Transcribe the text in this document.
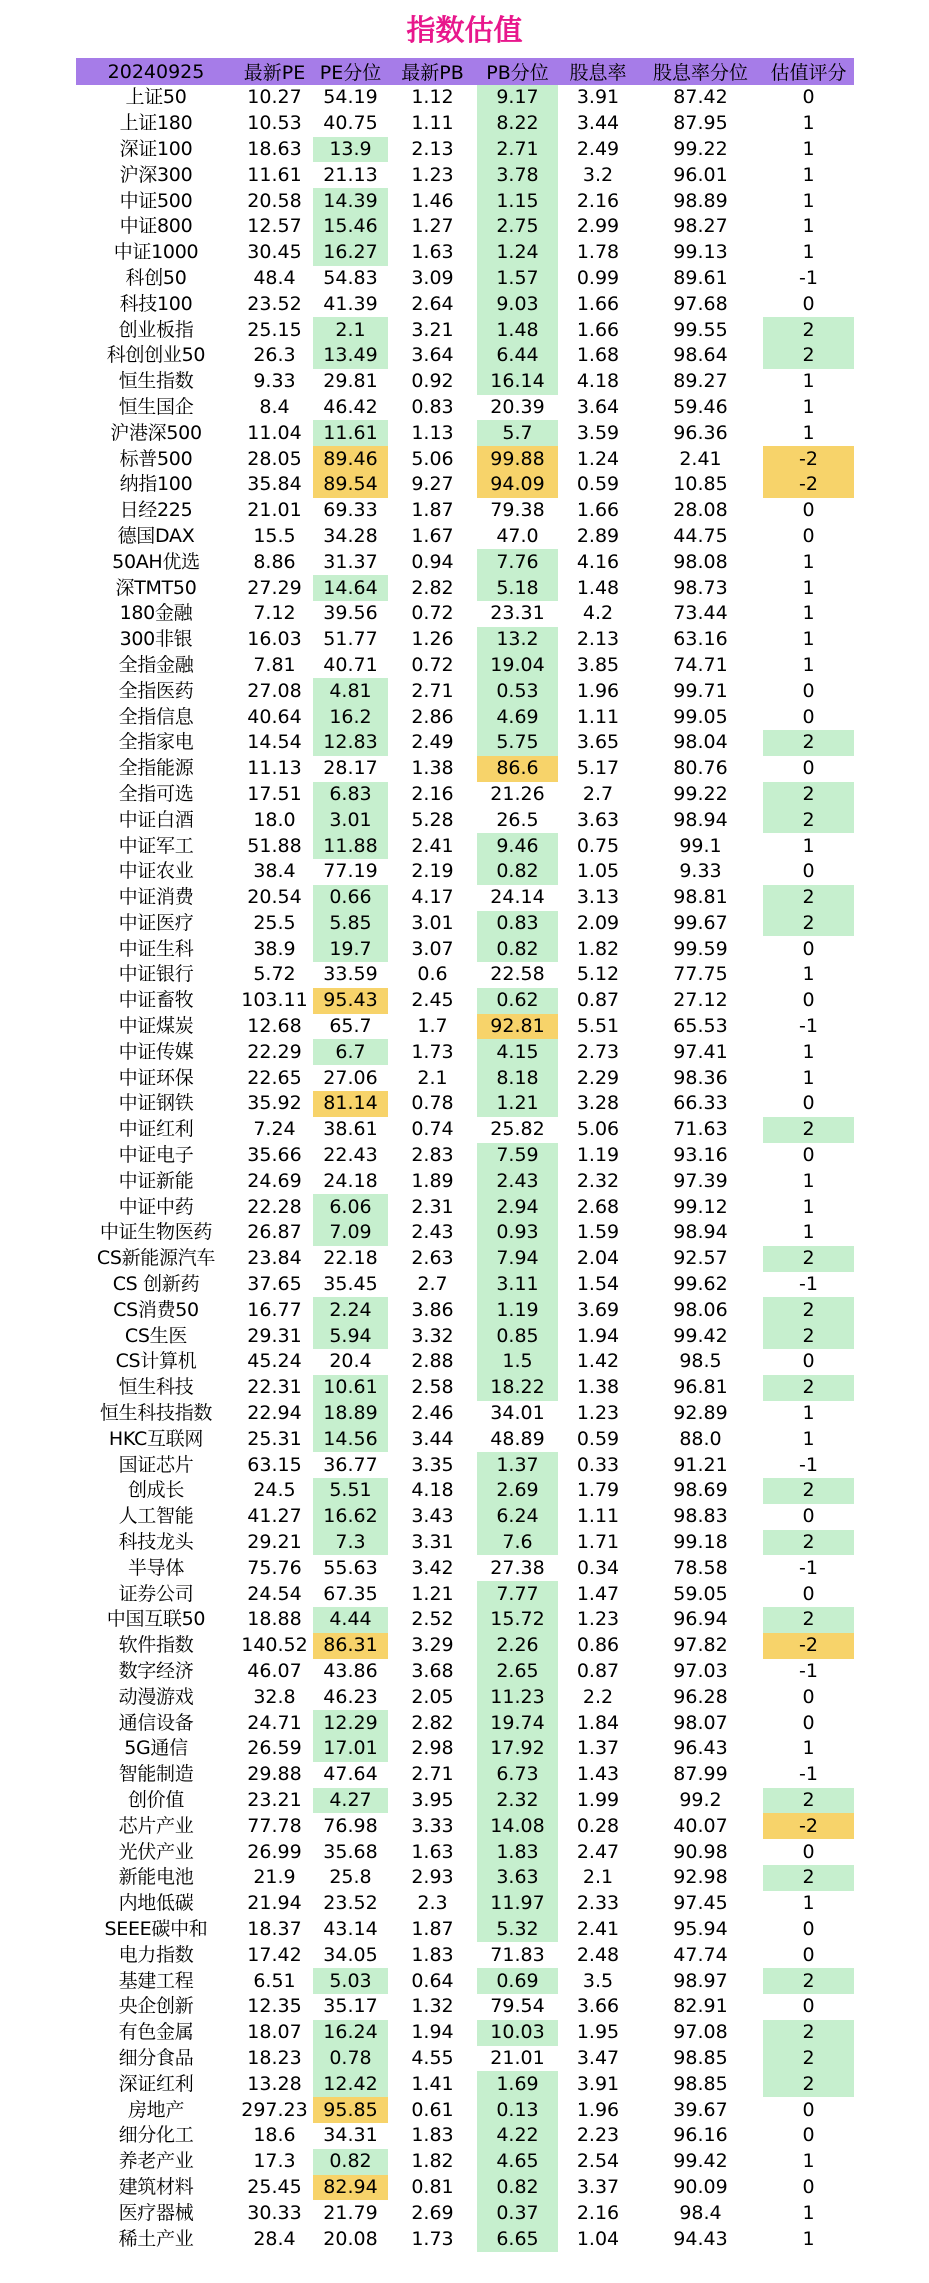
指数估值
20240925	最新PE	PE分位	最新PB	PB分位	股息率	股息率分位	估值评分
上证50	10.27	54.19	1.12	9.17	3.91	87.42	0
上证180	10.53	40.75	1.11	8.22	3.44	87.95	1
深证100	18.63	13.9	2.13	2.71	2.49	99.22	1
沪深300	11.61	21.13	1.23	3.78	3.2	96.01	1
中证500	20.58	14.39	1.46	1.15	2.16	98.89	1
中证800	12.57	15.46	1.27	2.75	2.99	98.27	1
中证1000	30.45	16.27	1.63	1.24	1.78	99.13	1
科创50	48.4	54.83	3.09	1.57	0.99	89.61	-1
科技100	23.52	41.39	2.64	9.03	1.66	97.68	0
创业板指	25.15	2.1	3.21	1.48	1.66	99.55	2
科创创业50	26.3	13.49	3.64	6.44	1.68	98.64	2
恒生指数	9.33	29.81	0.92	16.14	4.18	89.27	1
恒生国企	8.4	46.42	0.83	20.39	3.64	59.46	1
沪港深500	11.04	11.61	1.13	5.7	3.59	96.36	1
标普500	28.05	89.46	5.06	99.88	1.24	2.41	-2
纳指100	35.84	89.54	9.27	94.09	0.59	10.85	-2
日经225	21.01	69.33	1.87	79.38	1.66	28.08	0
德国DAX	15.5	34.28	1.67	47.0	2.89	44.75	0
50AH优选	8.86	31.37	0.94	7.76	4.16	98.08	1
深TMT50	27.29	14.64	2.82	5.18	1.48	98.73	1
180金融	7.12	39.56	0.72	23.31	4.2	73.44	1
300非银	16.03	51.77	1.26	13.2	2.13	63.16	1
全指金融	7.81	40.71	0.72	19.04	3.85	74.71	1
全指医药	27.08	4.81	2.71	0.53	1.96	99.71	0
全指信息	40.64	16.2	2.86	4.69	1.11	99.05	0
全指家电	14.54	12.83	2.49	5.75	3.65	98.04	2
全指能源	11.13	28.17	1.38	86.6	5.17	80.76	0
全指可选	17.51	6.83	2.16	21.26	2.7	99.22	2
中证白酒	18.0	3.01	5.28	26.5	3.63	98.94	2
中证军工	51.88	11.88	2.41	9.46	0.75	99.1	1
中证农业	38.4	77.19	2.19	0.82	1.05	9.33	0
中证消费	20.54	0.66	4.17	24.14	3.13	98.81	2
中证医疗	25.5	5.85	3.01	0.83	2.09	99.67	2
中证生科	38.9	19.7	3.07	0.82	1.82	99.59	0
中证银行	5.72	33.59	0.6	22.58	5.12	77.75	1
中证畜牧	103.11	95.43	2.45	0.62	0.87	27.12	0
中证煤炭	12.68	65.7	1.7	92.81	5.51	65.53	-1
中证传媒	22.29	6.7	1.73	4.15	2.73	97.41	1
中证环保	22.65	27.06	2.1	8.18	2.29	98.36	1
中证钢铁	35.92	81.14	0.78	1.21	3.28	66.33	0
中证红利	7.24	38.61	0.74	25.82	5.06	71.63	2
中证电子	35.66	22.43	2.83	7.59	1.19	93.16	0
中证新能	24.69	24.18	1.89	2.43	2.32	97.39	1
中证中药	22.28	6.06	2.31	2.94	2.68	99.12	1
中证生物医药	26.87	7.09	2.43	0.93	1.59	98.94	1
CS新能源汽车	23.84	22.18	2.63	7.94	2.04	92.57	2
CS 创新药	37.65	35.45	2.7	3.11	1.54	99.62	-1
CS消费50	16.77	2.24	3.86	1.19	3.69	98.06	2
CS生医	29.31	5.94	3.32	0.85	1.94	99.42	2
CS计算机	45.24	20.4	2.88	1.5	1.42	98.5	0
恒生科技	22.31	10.61	2.58	18.22	1.38	96.81	2
恒生科技指数	22.94	18.89	2.46	34.01	1.23	92.89	1
HKC互联网	25.31	14.56	3.44	48.89	0.59	88.0	1
国证芯片	63.15	36.77	3.35	1.37	0.33	91.21	-1
创成长	24.5	5.51	4.18	2.69	1.79	98.69	2
人工智能	41.27	16.62	3.43	6.24	1.11	98.83	0
科技龙头	29.21	7.3	3.31	7.6	1.71	99.18	2
半导体	75.76	55.63	3.42	27.38	0.34	78.58	-1
证券公司	24.54	67.35	1.21	7.77	1.47	59.05	0
中国互联50	18.88	4.44	2.52	15.72	1.23	96.94	2
软件指数	140.52	86.31	3.29	2.26	0.86	97.82	-2
数字经济	46.07	43.86	3.68	2.65	0.87	97.03	-1
动漫游戏	32.8	46.23	2.05	11.23	2.2	96.28	0
通信设备	24.71	12.29	2.82	19.74	1.84	98.07	0
5G通信	26.59	17.01	2.98	17.92	1.37	96.43	1
智能制造	29.88	47.64	2.71	6.73	1.43	87.99	-1
创价值	23.21	4.27	3.95	2.32	1.99	99.2	2
芯片产业	77.78	76.98	3.33	14.08	0.28	40.07	-2
光伏产业	26.99	35.68	1.63	1.83	2.47	90.98	0
新能电池	21.9	25.8	2.93	3.63	2.1	92.98	2
内地低碳	21.94	23.52	2.3	11.97	2.33	97.45	1
SEEE碳中和	18.37	43.14	1.87	5.32	2.41	95.94	0
电力指数	17.42	34.05	1.83	71.83	2.48	47.74	0
基建工程	6.51	5.03	0.64	0.69	3.5	98.97	2
央企创新	12.35	35.17	1.32	79.54	3.66	82.91	0
有色金属	18.07	16.24	1.94	10.03	1.95	97.08	2
细分食品	18.23	0.78	4.55	21.01	3.47	98.85	2
深证红利	13.28	12.42	1.41	1.69	3.91	98.85	2
房地产	297.23	95.85	0.61	0.13	1.96	39.67	0
细分化工	18.6	34.31	1.83	4.22	2.23	96.16	0
养老产业	17.3	0.82	1.82	4.65	2.54	99.42	1
建筑材料	25.45	82.94	0.81	0.82	3.37	90.09	0
医疗器械	30.33	21.79	2.69	0.37	2.16	98.4	1
稀土产业	28.4	20.08	1.73	6.65	1.04	94.43	1
